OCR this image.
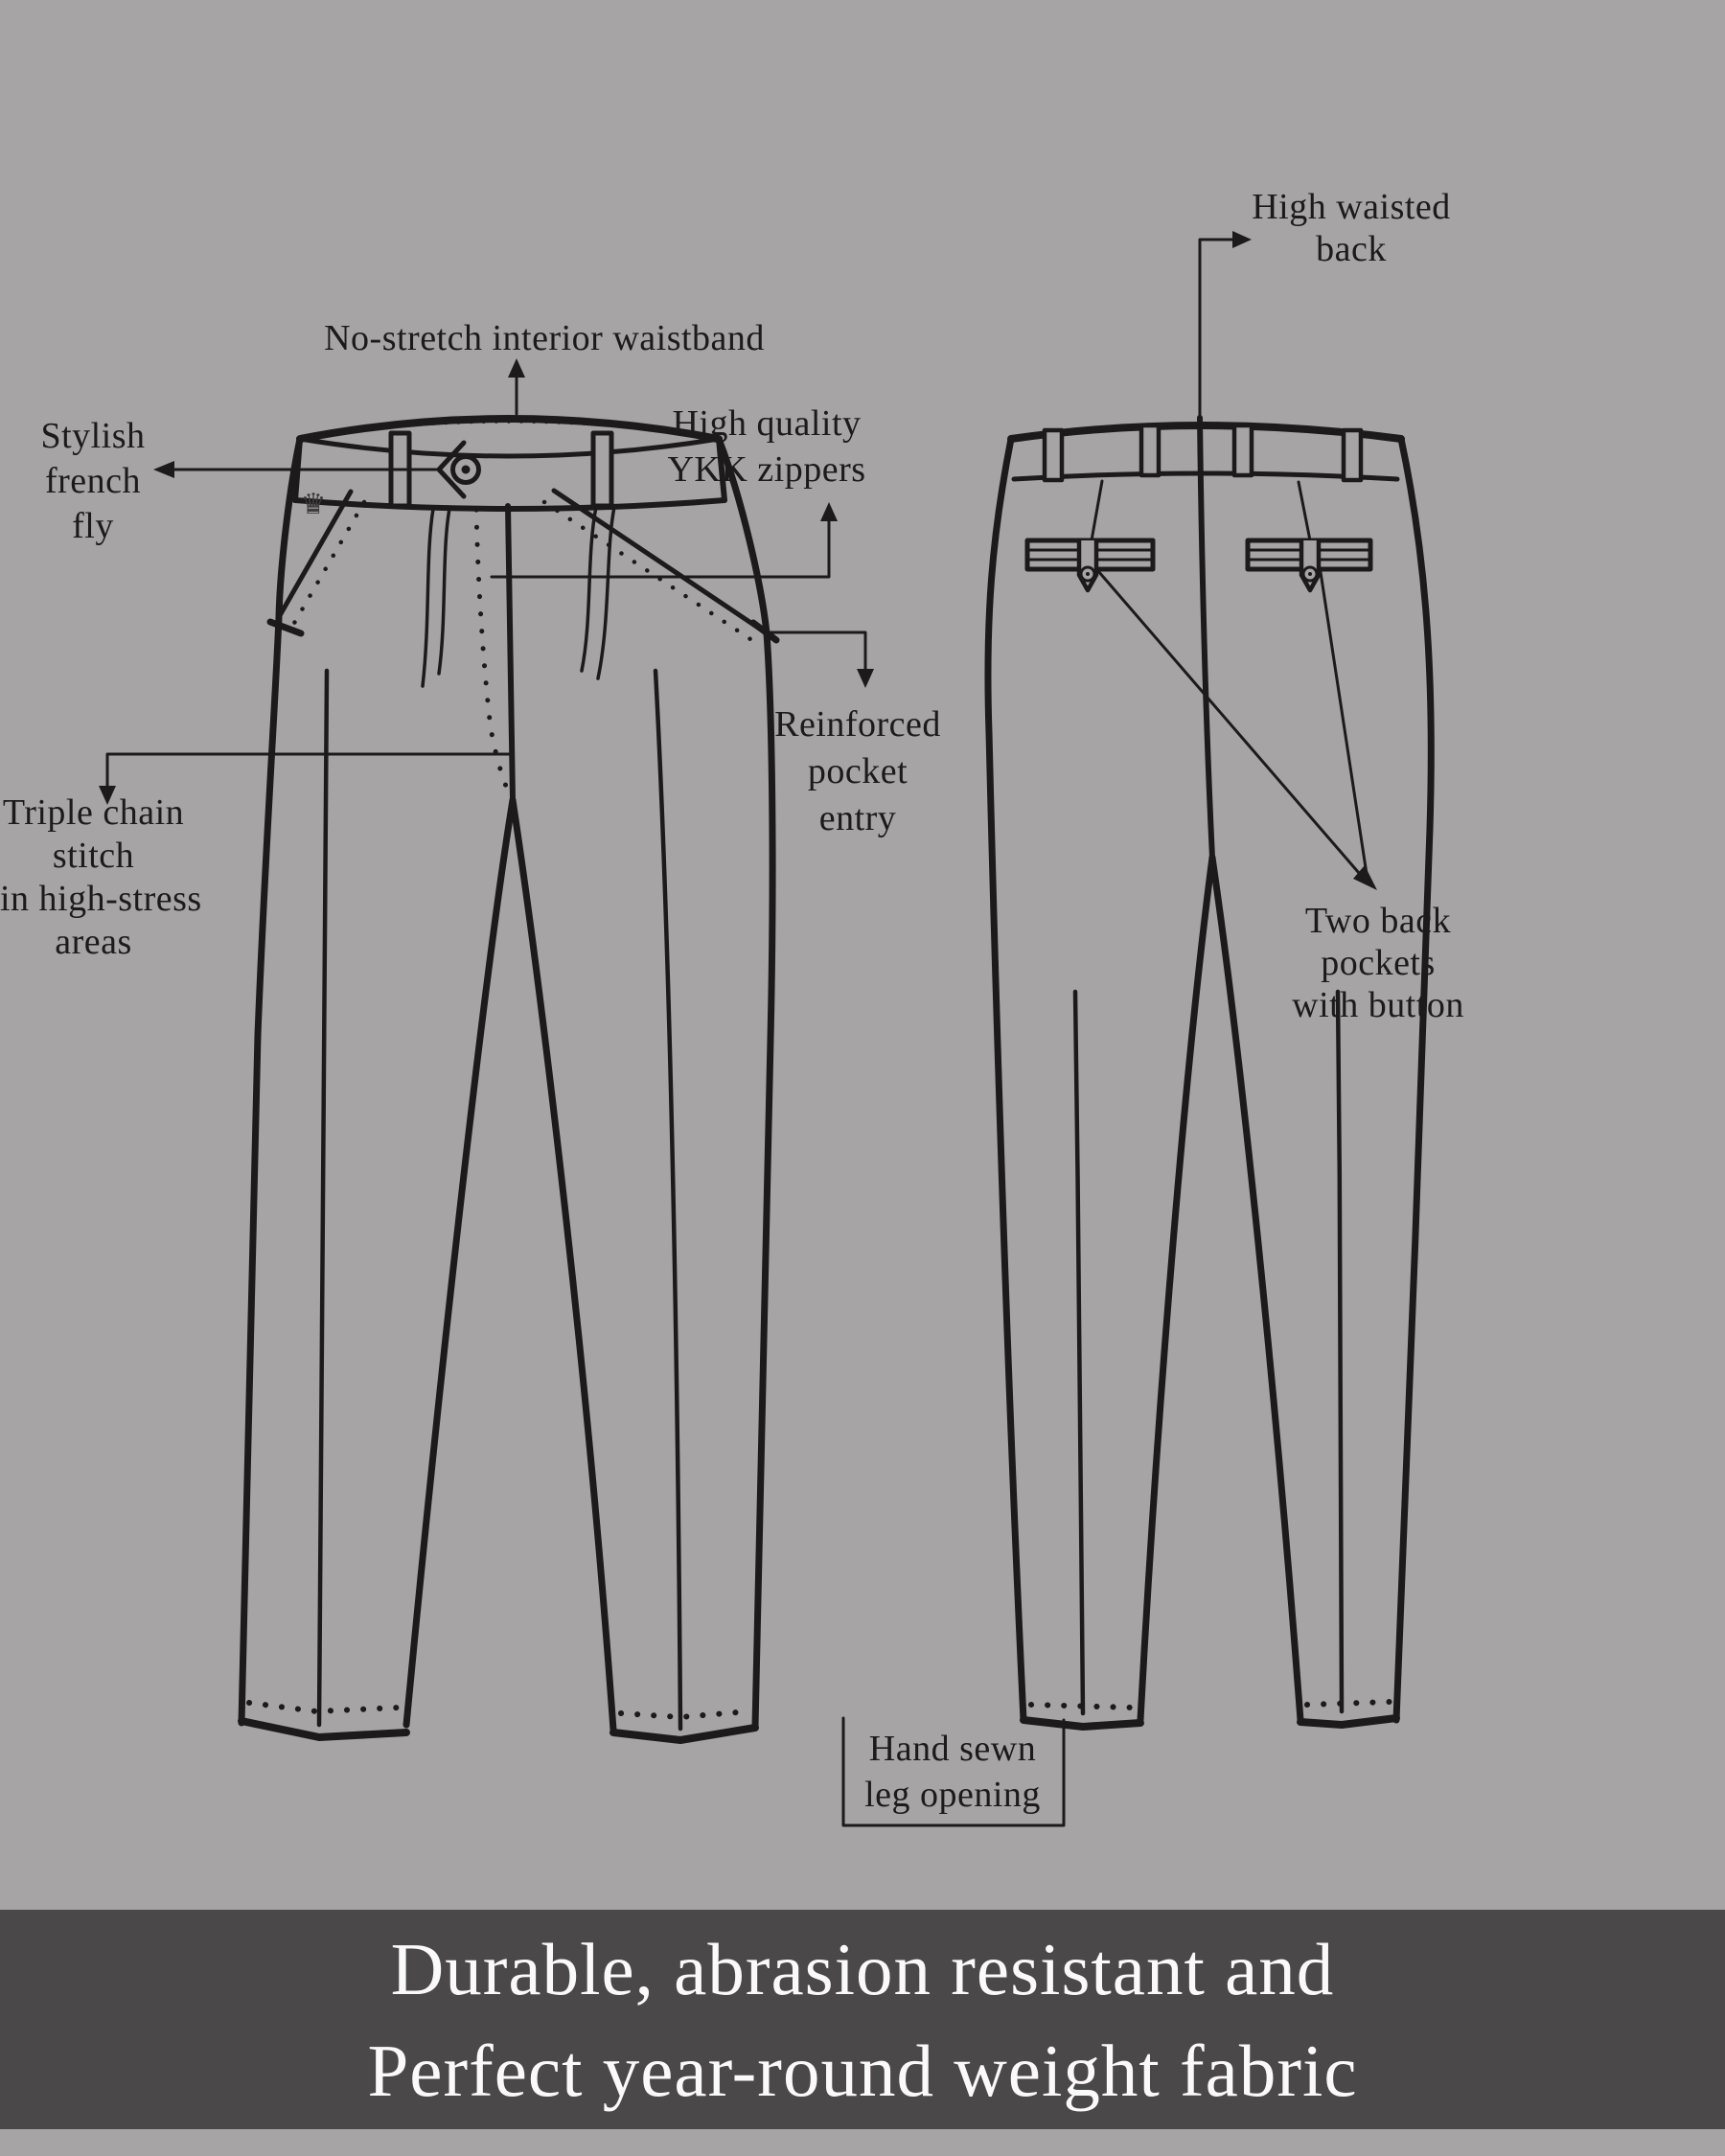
♛
No-stretch interior waistband
Stylish
french
fly
High quality
YKK zippers
Reinforced
pocket
entry
High waisted
back
Triple chain
stitch
in high-stress
areas
Two back
pockets
with button
Hand sewn
leg opening
Durable, abrasion resistant and
Perfect year-round weight fabric
